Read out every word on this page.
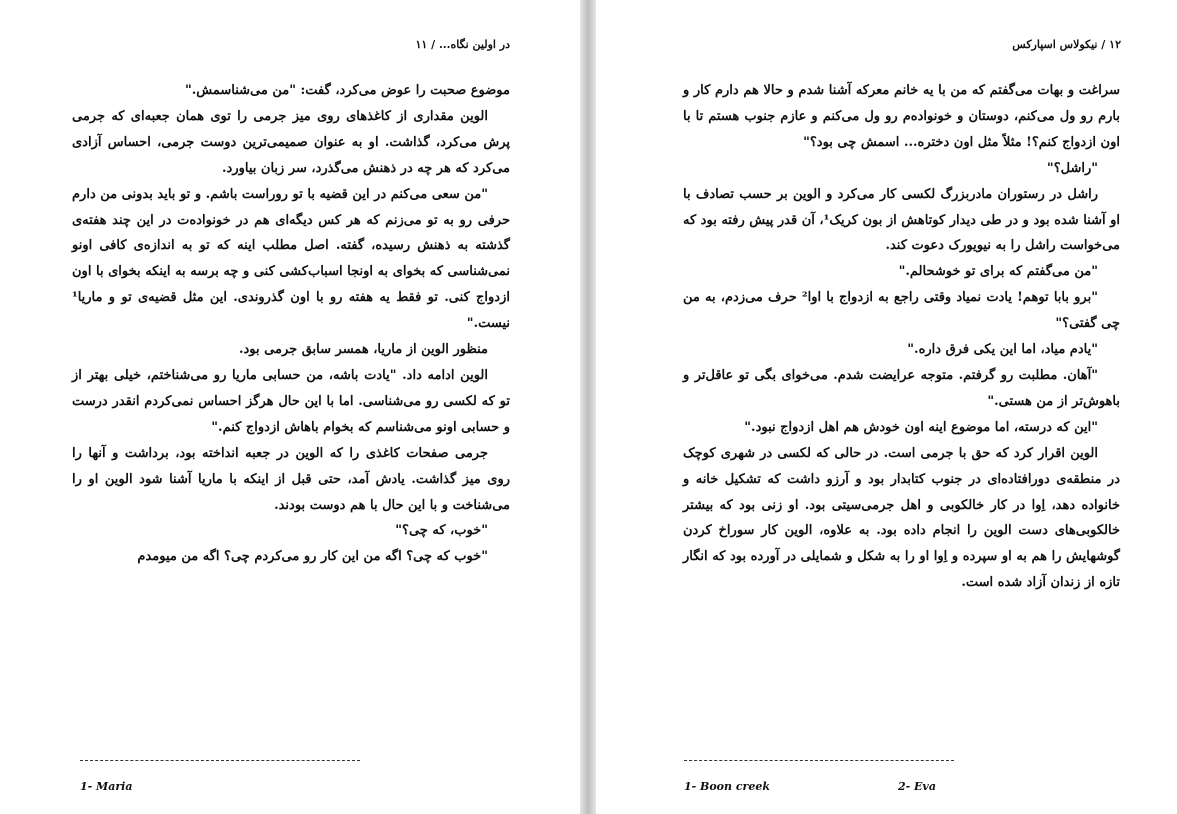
در اولین نگاه... / ۱۱

موضوع صحبت را عوض می‌کرد، گفت: "من می‌شناسمش."

الوین مقداری از کاغذهای روی میز جرمی را توی همان جعبه‌ای که جرمی پرش می‌کرد، گذاشت. او به عنوان صمیمی‌ترین دوست جرمی، احساس آزادی می‌کرد که هر چه در ذهنش می‌گذرد، سر زبان بیاورد.

"من سعی می‌کنم در این قضیه با تو روراست باشم. و تو باید بدونی من دارم حرفی رو به تو می‌زنم که هر کس دیگه‌ای هم در خونواده‌ت در این چند هفته‌ی گذشته به ذهنش رسیده، گفته. اصل مطلب اینه که تو به اندازه‌ی کافی اونو نمی‌شناسی که بخوای به اونجا اسباب‌کشی کنی و چه برسه به اینکه بخوای با اون ازدواج کنی. تو فقط یه هفته رو با اون گذروندی. این مثل قضیه‌ی تو و ماریا¹ نیست."

منظور الوین از ماریا، همسر سابق جرمی بود.

الوین ادامه داد. "یادت باشه، من حسابی ماریا رو می‌شناختم، خیلی بهتر از تو که لکسی رو می‌شناسی. اما با این حال هرگز احساس نمی‌کردم انقدر درست و حسابی اونو می‌شناسم که بخوام باهاش ازدواج کنم."

جرمی صفحات کاغذی را که الوین در جعبه انداخته بود، برداشت و آنها را روی میز گذاشت. یادش آمد، حتی قبل از اینکه با ماریا آشنا شود الوین او را می‌شناخت و با این حال با هم دوست بودند.

"خوب، که چی؟"

"خوب که چی؟ اگه من این کار رو می‌کردم چی؟ اگه من میومدم

1- Maria
۱۲ / نیکولاس اسپارکس

سراغت و بهات می‌گفتم که من با یه خانم معرکه آشنا شدم و حالا هم دارم کار و بارم رو ول می‌کنم، دوستان و خونواده‌م رو ول می‌کنم و عازم جنوب هستم تا با اون ازدواج کنم؟! مثلاً مثل اون دختره... اسمش چی بود؟"

"راشل؟"

راشل در رستوران مادربزرگ لکسی کار می‌کرد و الوین بر حسب تصادف با او آشنا شده بود و در طی دیدار کوتاهش از بون کریک¹، آن قدر پیش رفته بود که می‌خواست راشل را به نیویورک دعوت کند.

"من می‌گفتم که برای تو خوشحالم."

"برو بابا توهم! یادت نمیاد وقتی راجع به ازدواج با اوا² حرف می‌زدم، به من چی گفتی؟"

"یادم میاد، اما این یکی فرق داره."

"آهان. مطلبت رو گرفتم. متوجه عرایضت شدم. می‌خوای بگی تو عاقل‌تر و باهوش‌تر از من هستی."

"این که درسته، اما موضوع اینه اون خودش هم اهل ازدواج نبود."

الوین اقرار کرد که حق با جرمی است. در حالی که لکسی در شهری کوچک در منطقه‌ی دورافتاده‌ای در جنوب کتابدار بود و آرزو داشت که تشکیل خانه و خانواده دهد، اِوا در کار خالکوبی و اهل جرمی‌سیتی بود. او زنی بود که بیشتر خالکوبی‌های دست الوین را انجام داده بود. به علاوه، الوین کار سوراخ کردن گوشهایش را هم به او سپرده و اِوا او را به شکل و شمایلی در آورده بود که انگار تازه از زندان آزاد شده است.

1- Boon creek	2- Eva
